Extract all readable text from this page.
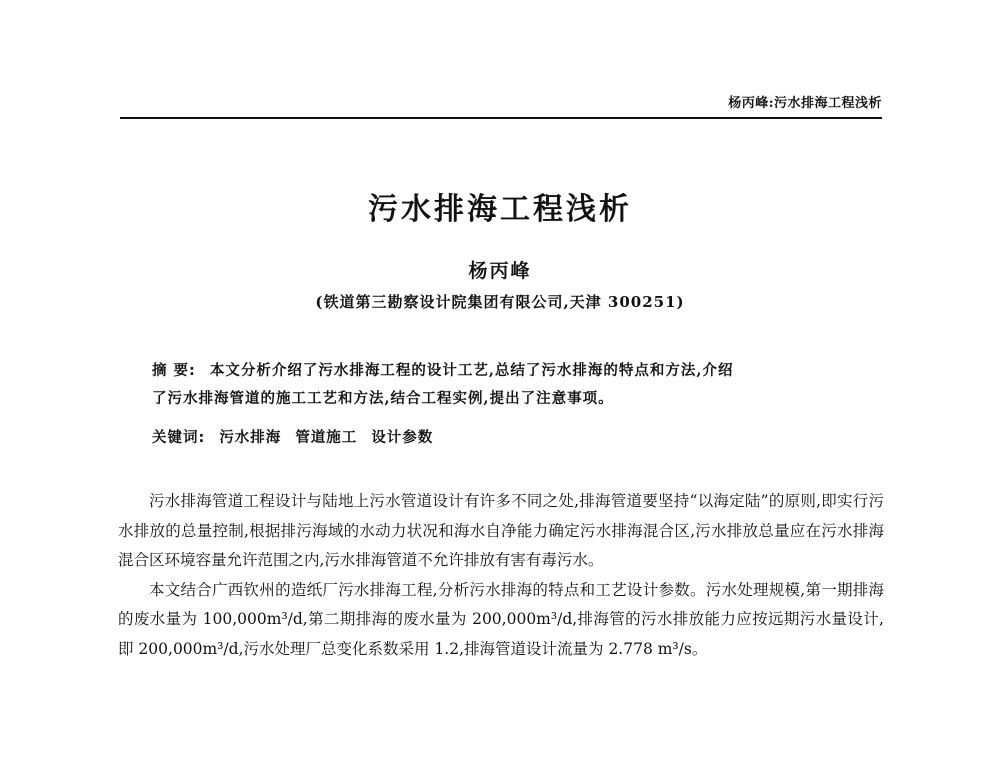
杨丙峰:污水排海工程浅析
污水排海工程浅析
杨丙峰
(铁道第三勘察设计院集团有限公司,天津 300251)
摘 要: 本文分析介绍了污水排海工程的设计工艺,总结了污水排海的特点和方法,介绍
了污水排海管道的施工工艺和方法,结合工程实例,提出了注意事项。
关键词: 污水排海 管道施工 设计参数

污水排海管道工程设计与陆地上污水管道设计有许多不同之处,排海管道要坚持“以海定陆”的原则,即实行污水排放的总量控制,根据排污海域的水动力状况和海水自净能力确定污水排海混合区,污水排放总量应在污水排海混合区环境容量允许范围之内,污水排海管道不允许排放有害有毒污水。

本文结合广西钦州的造纸厂污水排海工程,分析污水排海的特点和工艺设计参数。污水处理规模,第一期排海的废水量为 100,000m³/d,第二期排海的废水量为 200,000m³/d,排海管的污水排放能力应按远期污水量设计,即 200,000m³/d,污水处理厂总变化系数采用 1.2,排海管道设计流量为 2.778 m³/s。
